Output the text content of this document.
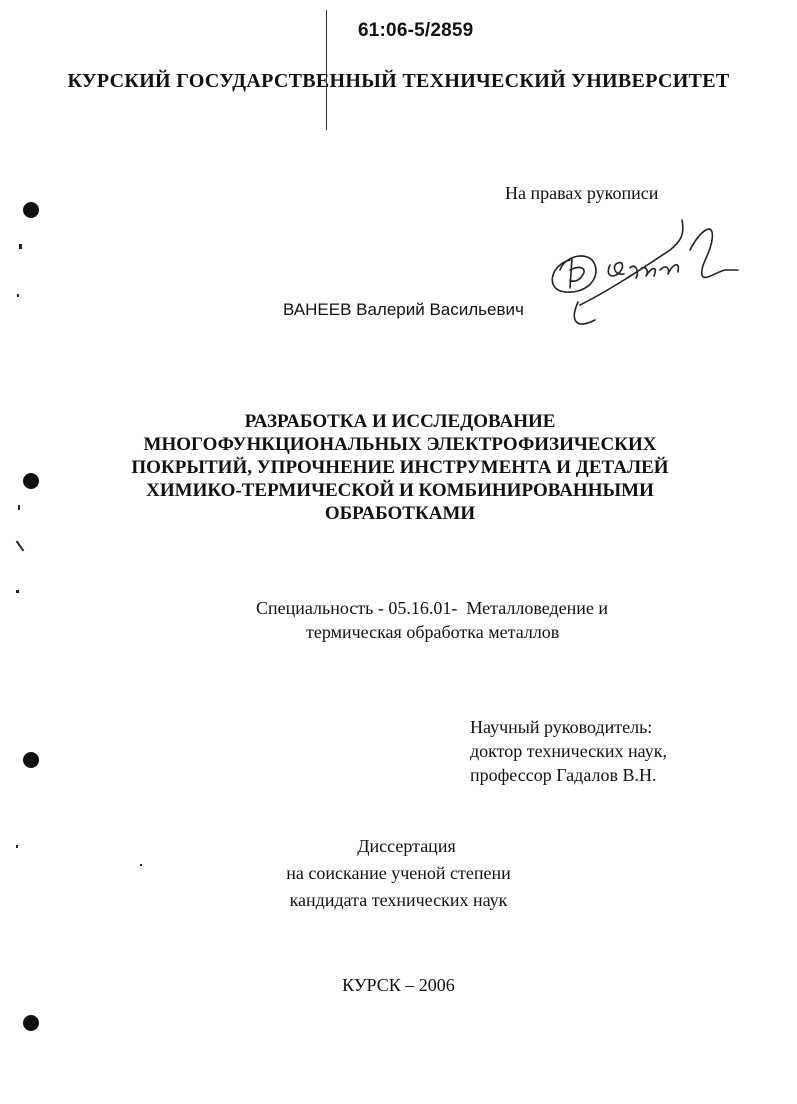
61:06-5/2859
КУРСКИЙ ГОСУДАРСТВЕННЫЙ ТЕХНИЧЕСКИЙ УНИВЕРСИТЕТ
На правах рукописи
ВАНЕЕВ Валерий Васильевич
РАЗРАБОТКА И ИССЛЕДОВАНИЕ
МНОГОФУНКЦИОНАЛЬНЫХ ЭЛЕКТРОФИЗИЧЕСКИХ
ПОКРЫТИЙ, УПРОЧНЕНИЕ ИНСТРУМЕНТА И ДЕТАЛЕЙ
ХИМИКО-ТЕРМИЧЕСКОЙ И КОМБИНИРОВАННЫМИ
ОБРАБОТКАМИ
Специальность - 05.16.01-  Металловедение и
термическая обработка металлов
Научный руководитель:
доктор технических наук,
профессор Гадалов В.Н.
Диссертация
на соискание ученой степени
кандидата технических наук
КУРСК – 2006
